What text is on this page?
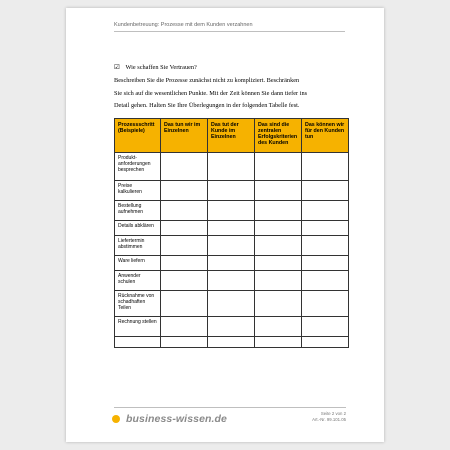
Kundenbetreuung: Prozesse mit dem Kunden verzahnen
☑ Wie schaffen Sie Vertrauen?

Beschreiben Sie die Prozesse zunächst nicht zu kompliziert. Beschränken

Sie sich auf die wesentlichen Punkte. Mit der Zeit können Sie dann tiefer ins

Detail gehen. Halten Sie Ihre Überlegungen in der folgenden Tabelle fest.

Prozessschritt (Beispiele)	Das tun wir im Einzelnen	Das tut der Kunde im Einzelnen	Das sind die zentralen Erfolgskriterien des Kunden	Das können wir für den Kunden tun
Produkt-anforderungen besprechen				
Preise kalkulieren				
Bestellung aufnehmen				
Details abklären				
Liefertermin abstimmen				
Ware liefern				
Anwender schulen				
Rücknahme von schadhaften Teilen				
Rechnung stellen				

business-wissen.de	Seite 2 von 2
Art.-Nr. 99.101.05
